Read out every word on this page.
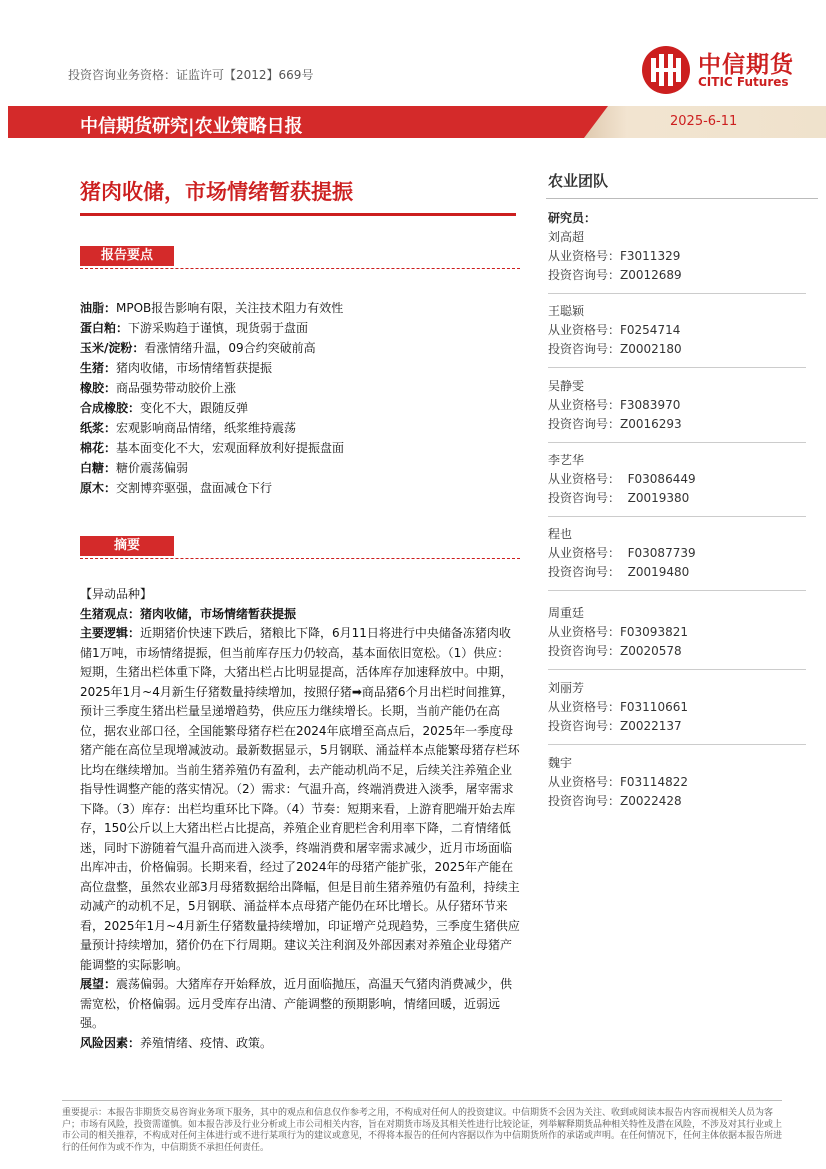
投资咨询业务资格：证监许可【2012】669号	中信期货
CITIC Futures
中信期货研究|农业策略日报	2025-6-11
猪肉收储，市场情绪暂获提振
报告要点
油脂：MPOB报告影响有限，关注技术阻力有效性
蛋白粕：下游采购趋于谨慎，现货弱于盘面
玉米/淀粉：看涨情绪升温，09合约突破前高
生猪：猪肉收储，市场情绪暂获提振
橡胶：商品强势带动胶价上涨
合成橡胶：变化不大，跟随反弹
纸浆：宏观影响商品情绪，纸浆维持震荡
棉花：基本面变化不大，宏观面释放利好提振盘面
白糖：糖价震荡偏弱
原木：交割博弈驱强，盘面减仓下行
摘要

【异动品种】

生猪观点：猪肉收储，市场情绪暂获提振

主要逻辑：近期猪价快速下跌后，猪粮比下降，6月11日将进行中央储备冻猪肉收储1万吨，市场情绪提振，但当前库存压力仍较高，基本面依旧宽松。（1）供应：短期，生猪出栏体重下降，大猪出栏占比明显提高，活体库存加速释放中。中期，2025年1月~4月新生仔猪数量持续增加，按照仔猪➡商品猪6个月出栏时间推算，预计三季度生猪出栏量呈递增趋势，供应压力继续增长。长期，当前产能仍在高位，据农业部口径，全国能繁母猪存栏在2024年底增至高点后，2025年一季度母猪产能在高位呈现增减波动。最新数据显示，5月钢联、涌益样本点能繁母猪存栏环比均在继续增加。当前生猪养殖仍有盈利，去产能动机尚不足，后续关注养殖企业指导性调整产能的落实情况。（2）需求：气温升高，终端消费进入淡季，屠宰需求下降。（3）库存：出栏均重环比下降。（4）节奏：短期来看，上游育肥端开始去库存，150公斤以上大猪出栏占比提高，养殖企业育肥栏舍利用率下降，二育情绪低迷，同时下游随着气温升高而进入淡季，终端消费和屠宰需求减少，近月市场面临出库冲击，价格偏弱。长期来看，经过了2024年的母猪产能扩张，2025年产能在高位盘整，虽然农业部3月母猪数据给出降幅，但是目前生猪养殖仍有盈利，持续主动减产的动机不足，5月钢联、涌益样本点母猪产能仍在环比增长。从仔猪环节来看，2025年1月~4月新生仔猪数量持续增加，印证增产兑现趋势，三季度生猪供应量预计持续增加，猪价仍在下行周期。建议关注利润及外部因素对养殖企业母猪产能调整的实际影响。

展望：震荡偏弱。大猪库存开始释放，近月面临抛压，高温天气猪肉消费减少，供需宽松，价格偏弱。远月受库存出清、产能调整的预期影响，情绪回暖，近弱远强。

风险因素：养殖情绪、疫情、政策。

农业团队
研究员：
刘高超
从业资格号：F3011329
投资咨询号：Z0012689
王聪颖
从业资格号：F0254714
投资咨询号：Z0002180
吴静雯
从业资格号：F3083970
投资咨询号：Z0016293
李艺华
从业资格号：  F03086449
投资咨询号：  Z0019380
程也
从业资格号：  F03087739
投资咨询号：  Z0019480
周重廷
从业资格号：F03093821
投资咨询号：Z0020578
刘丽芳
从业资格号：F03110661
投资咨询号：Z0022137
魏宇
从业资格号：F03114822
投资咨询号：Z0022428
重要提示：本报告非期货交易咨询业务项下服务，其中的观点和信息仅作参考之用，不构成对任何人的投资建议。中信期货不会因为关注、收到或阅读本报告内容而视相关人员为客户；市场有风险，投资需谨慎。如本报告涉及行业分析或上市公司相关内容，旨在对期货市场及其相关性进行比较论证，列举解释期货品种相关特性及潜在风险，不涉及对其行业或上市公司的相关推荐，不构成对任何主体进行或不进行某项行为的建议或意见，不得将本报告的任何内容据以作为中信期货所作的承诺或声明。在任何情况下，任何主体依据本报告所进行的任何作为或不作为，中信期货不承担任何责任。
